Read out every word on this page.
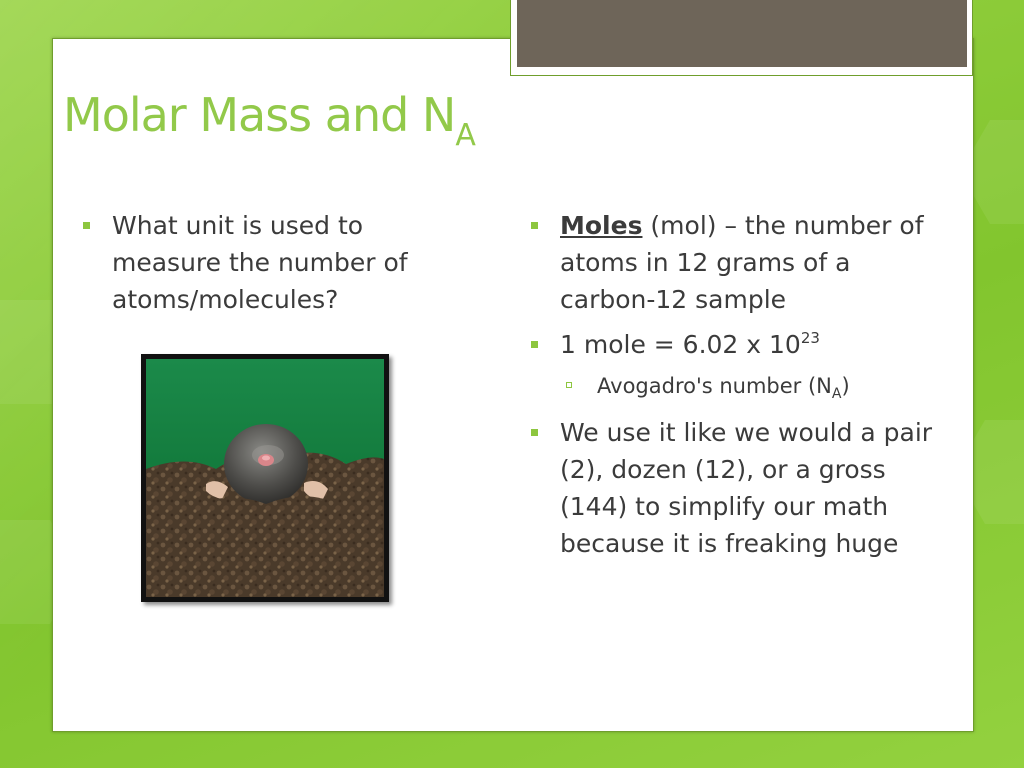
Molar Mass and $N_A$
What unit is used to measure the number of atoms/molecules?
Moles (mol) – the number of atoms in 12 grams of a carbon-12 sample
1 mole = 6.02 x $10^{23}$
Avogadro's number $(N_A)$
We use it like we would a pair (2), dozen (12), or a gross (144) to simplify our math because it is freaking huge
